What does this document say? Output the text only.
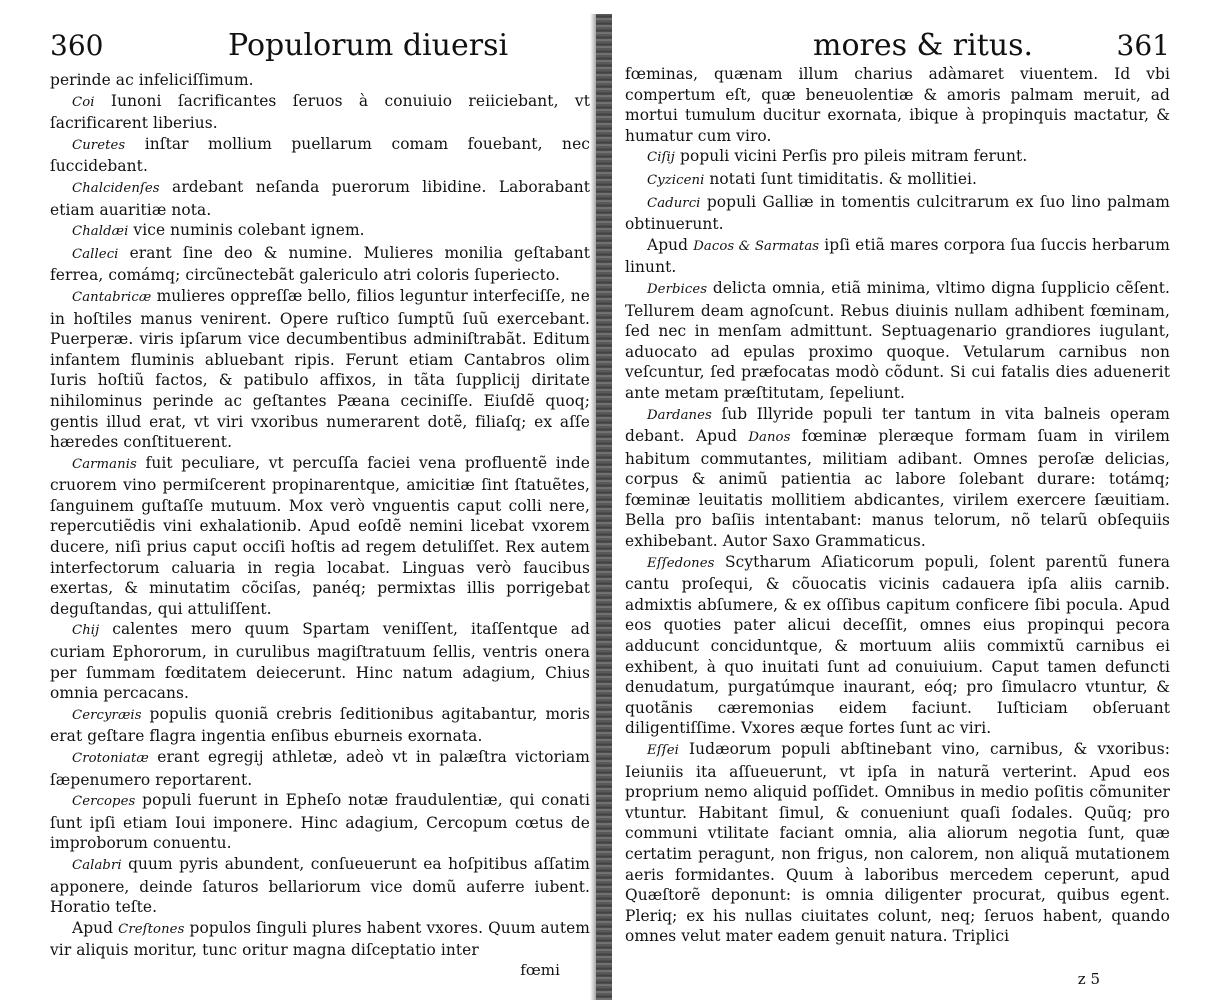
360	Populorum diuersi

perinde ac infeliciſſimum.

Coi Iunoni ſacrificantes ſeruos à conuiuio reiiciebant, vt ſacrificarent liberius.

Curetes inſtar mollium puellarum comam fouebant, nec ſuccidebant.

Chalcidenſes ardebant neſanda puerorum libidine. Laborabant etiam auaritiæ nota.

Chaldæi vice numinis colebant ignem.

Calleci erant ſine deo & numine. Mulieres monilia geſtabant ferrea, comámq; circũnectebãt galericulo atri coloris ſuperiecto.

Cantabricæ mulieres oppreſſæ bello, filios leguntur interfeciſſe, ne in hoſtiles manus venirent. Opere ruſtico ſumptũ ſuũ exercebant. Puerperæ. viris ipſarum vice decumbentibus adminiſtrabãt. Editum infantem fluminis abluebant ripis. Ferunt etiam Cantabros olim Iuris hoſtiũ factos, & patibulo affixos, in tãta ſupplicij diritate nihilominus perinde ac geſtantes Pæana ceciniſſe. Eiuſdẽ quoq; gentis illud erat, vt viri vxoribus numerarent dotẽ, filiaſq; ex aſſe hæredes conſtituerent.

Carmanis fuit peculiare, vt percuſſa faciei vena profluentẽ inde cruorem vino permiſcerent propinarentque, amicitiæ ſint ſtatuẽtes, ſanguinem guſtaſſe mutuum. Mox verò vnguentis caput colli nere, repercutiẽdis vini exhalationib. Apud eoſdẽ nemini licebat vxorem ducere, niſi prius caput occiſi hoſtis ad regem detuliſſet. Rex autem interfectorum caluaria in regia locabat. Linguas verò faucibus exertas, & minutatim cõciſas, panéq; permixtas illis porrigebat deguſtandas, qui attuliſſent.

Chij calentes mero quum Spartam veniſſent, itaſſentque ad curiam Ephororum, in curulibus magiſtratuum ſellis, ventris onera per ſummam fœditatem deiecerunt. Hinc natum adagium, Chius omnia percacans.

Cercyræis populis quoniã crebris ſeditionibus agitabantur, moris erat geſtare flagra ingentia enſibus eburneis exornata.

Crotoniatæ erant egregij athletæ, adeò vt in palæſtra victoriam ſæpenumero reportarent.

Cercopes populi fuerunt in Epheſo notæ fraudulentiæ, qui conati ſunt ipſi etiam Ioui imponere. Hinc adagium, Cercopum cœtus de improborum conuentu.

Calabri quum pyris abundent, conſueuerunt ea hoſpitibus aſſatim apponere, deinde ſaturos bellariorum vice domũ auferre iubent. Horatio teſte.

Apud Creſtones populos ſinguli plures habent vxores. Quum autem vir aliquis moritur, tunc oritur magna diſceptatio inter

fœmi
mores & ritus.	361

fœminas, quænam illum charius adàmaret viuentem. Id vbi compertum eſt, quæ beneuolentiæ & amoris palmam meruit, ad mortui tumulum ducitur exornata, ibique à propinquis mactatur, & humatur cum viro.

Ciſij populi vicini Perſis pro pileis mitram ferunt.

Cyziceni notati ſunt timiditatis. & mollitiei.

Cadurci populi Galliæ in tomentis culcitrarum ex ſuo lino palmam obtinuerunt.

Apud Dacos & Sarmatas ipſi etiã mares corpora ſua ſuccis herbarum linunt.

Derbices delicta omnia, etiã minima, vltimo digna ſupplicio cẽſent. Tellurem deam agnoſcunt. Rebus diuinis nullam adhibent fœminam, ſed nec in menſam admittunt. Septuagenario grandiores iugulant, aduocato ad epulas proximo quoque. Vetularum carnibus non veſcuntur, ſed præfocatas modò cõdunt. Si cui fatalis dies aduenerit ante metam præſtitutam, ſepeliunt.

Dardanes ſub Illyride populi ter tantum in vita balneis operam debant. Apud Danos fœminæ pleræque formam ſuam in virilem habitum commutantes, militiam adibant. Omnes peroſæ delicias, corpus & animũ patientia ac labore ſolebant durare: totámq; fœminæ leuitatis mollitiem abdicantes, virilem exercere ſæuitiam. Bella pro baſiis intentabant: manus telorum, nõ telarũ obſequiis exhibebant. Autor Saxo Grammaticus.

Eſſedones Scytharum Aſiaticorum populi, ſolent parentũ funera cantu proſequi, & cõuocatis vicinis cadauera ipſa aliis carnib. admixtis abſumere, & ex oſſibus capitum conficere ſibi pocula. Apud eos quoties pater alicui deceſſit, omnes eius propinqui pecora adducunt conciduntque, & mortuum aliis commixtũ carnibus ei exhibent, à quo inuitati ſunt ad conuiuium. Caput tamen defuncti denudatum, purgatúmque inaurant, eóq; pro ſimulacro vtuntur, & quotãnis cæremonias eidem faciunt. Iuſticiam obſeruant diligentiſſime. Vxores æque fortes ſunt ac viri.

Eſſei Iudæorum populi abſtinebant vino, carnibus, & vxoribus: Ieiuniis ita aſſueuerunt, vt ipſa in naturã verterint. Apud eos proprium nemo aliquid poſſidet. Omnibus in medio poſitis cõmuniter vtuntur. Habitant ſimul, & conueniunt quaſi ſodales. Quũq; pro communi vtilitate faciant omnia, alia aliorum negotia ſunt, quæ certatim peragunt, non frigus, non calorem, non aliquã mutationem aeris formidantes. Quum à laboribus mercedem ceperunt, apud Quæſtorẽ deponunt: is omnia diligenter procurat, quibus egent. Pleriq; ex his nullas ciuitates colunt, neq; ſeruos habent, quando omnes velut mater eadem genuit natura. Triplici

z 5
